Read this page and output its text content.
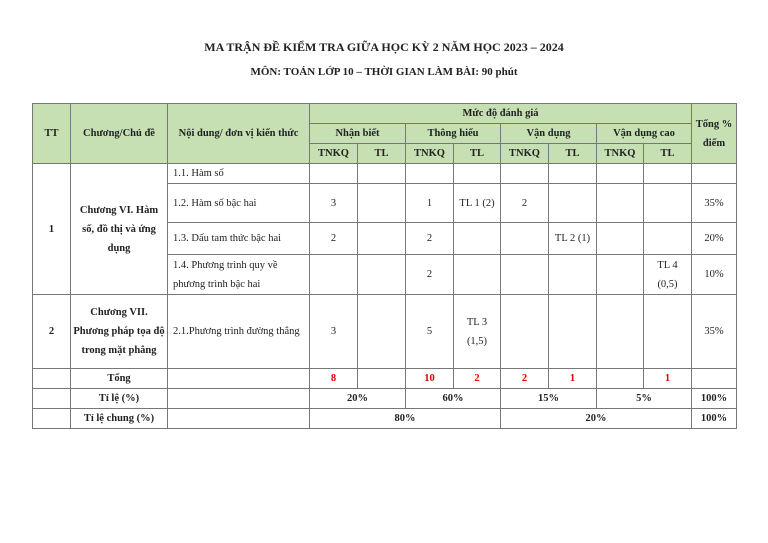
MA TRẬN ĐỀ KIỂM TRA GIỮA HỌC KỲ 2 NĂM HỌC 2023 – 2024
MÔN: TOÁN LỚP 10 – THỜI GIAN LÀM BÀI: 90 phút
TT	Chương/Chủ đề	Nội dung/ đơn vị kiến thức	Mức độ đánh giá								Tổng % điểm
			Nhận biết		Thông hiểu		Vận dụng		Vận dụng cao		
			TNKQ	TL	TNKQ	TL	TNKQ	TL	TNKQ	TL	
1	Chương VI. Hàm số, đồ thị và ứng dụng	1.1. Hàm số									
		1.2. Hàm số bậc hai	3		1	TL 1 (2)	2				35%
		1.3. Dấu tam thức bậc hai	2		2			TL 2 (1)			20%
		1.4. Phương trình quy về phương trình bậc hai			2					TL 4 (0,5)	10%
2	Chương VII. Phương pháp tọa độ trong mặt phẳng	2.1.Phương trình đường thẳng	3		5	TL 3 (1,5)					35%
	Tổng		8		10	2	2	1		1	
	Tỉ lệ (%)		20%		60%		15%		5%		100%
	Tỉ lệ chung (%)		80%				20%				100%
